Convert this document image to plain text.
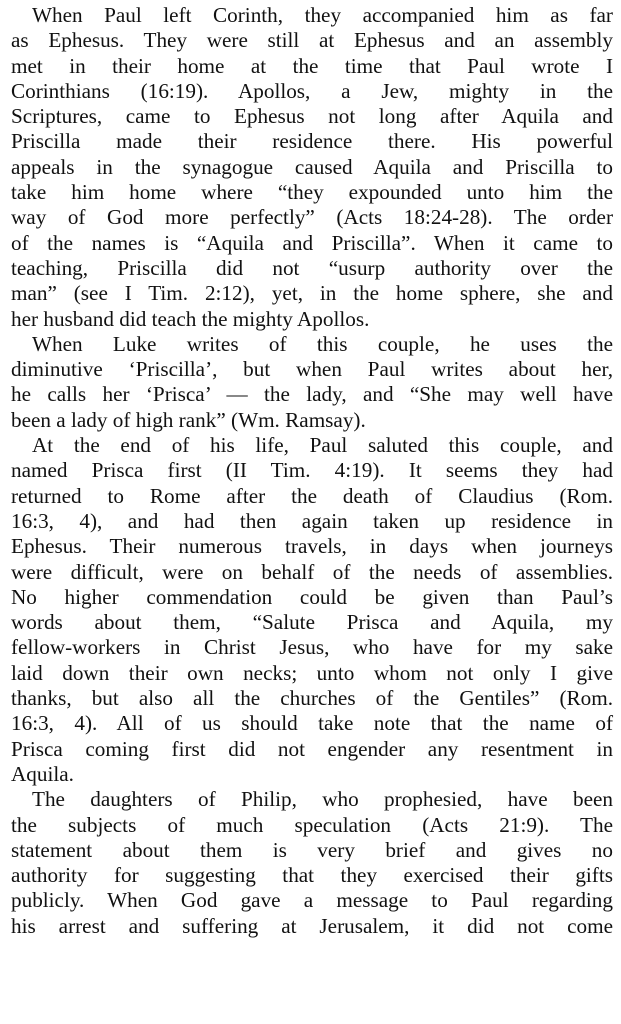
When Paul left Corinth, they accompanied him as far
as Ephesus. They were still at Ephesus and an assembly
met in their home at the time that Paul wrote I
Corinthians (16:19). Apollos, a Jew, mighty in the
Scriptures, came to Ephesus not long after Aquila and
Priscilla made their residence there. His powerful
appeals in the synagogue caused Aquila and Priscilla to
take him home where “they expounded unto him the
way of God more perfectly” (Acts 18:24-28). The order
of the names is “Aquila and Priscilla”. When it came to
teaching, Priscilla did not “usurp authority over the
man” (see I Tim. 2:12), yet, in the home sphere, she and
her husband did teach the mighty Apollos.
When Luke writes of this couple, he uses the
diminutive ‘Priscilla’, but when Paul writes about her,
he calls her ‘Prisca’ — the lady, and “She may well have
been a lady of high rank” (Wm. Ramsay).
At the end of his life, Paul saluted this couple, and
named Prisca first (II Tim. 4:19). It seems they had
returned to Rome after the death of Claudius (Rom.
16:3, 4), and had then again taken up residence in
Ephesus. Their numerous travels, in days when journeys
were difficult, were on behalf of the needs of assemblies.
No higher commendation could be given than Paul’s
words about them, “Salute Prisca and Aquila, my
fellow-workers in Christ Jesus, who have for my sake
laid down their own necks; unto whom not only I give
thanks, but also all the churches of the Gentiles” (Rom.
16:3, 4). All of us should take note that the name of
Prisca coming first did not engender any resentment in
Aquila.
The daughters of Philip, who prophesied, have been
the subjects of much speculation (Acts 21:9). The
statement about them is very brief and gives no
authority for suggesting that they exercised their gifts
publicly. When God gave a message to Paul regarding
his arrest and suffering at Jerusalem, it did not come
